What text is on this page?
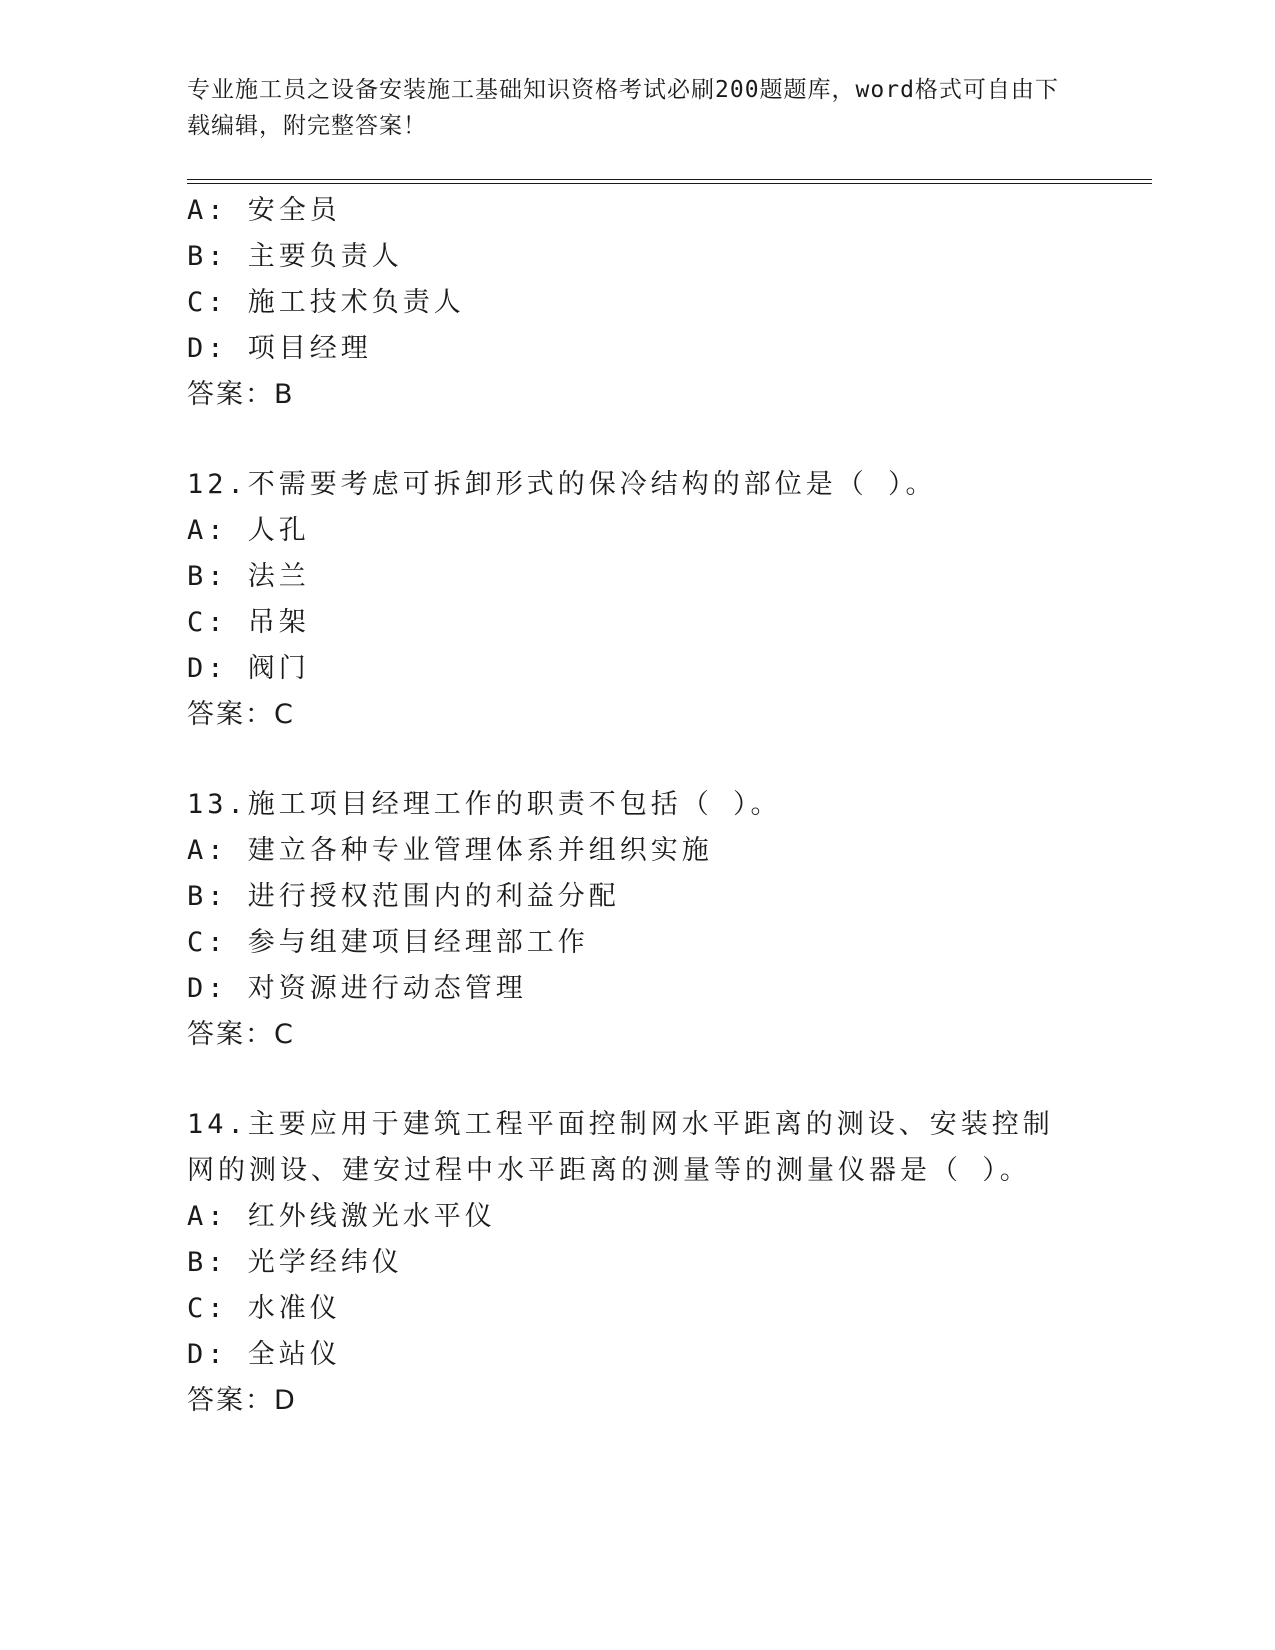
专业施工员之设备安装施工基础知识资格考试必刷200题题库，word格式可自由下载编辑，附完整答案！
A: 安全员
B: 主要负责人
C: 施工技术负责人
D: 项目经理
答案：B
12.不需要考虑可拆卸形式的保冷结构的部位是（ ）。
A: 人孔
B: 法兰
C: 吊架
D: 阀门
答案：C
13.施工项目经理工作的职责不包括（ ）。
A: 建立各种专业管理体系并组织实施
B: 进行授权范围内的利益分配
C: 参与组建项目经理部工作
D: 对资源进行动态管理
答案：C
14.主要应用于建筑工程平面控制网水平距离的测设、安装控制网的测设、建安过程中水平距离的测量等的测量仪器是（ ）。
A: 红外线激光水平仪
B: 光学经纬仪
C: 水准仪
D: 全站仪
答案：D
